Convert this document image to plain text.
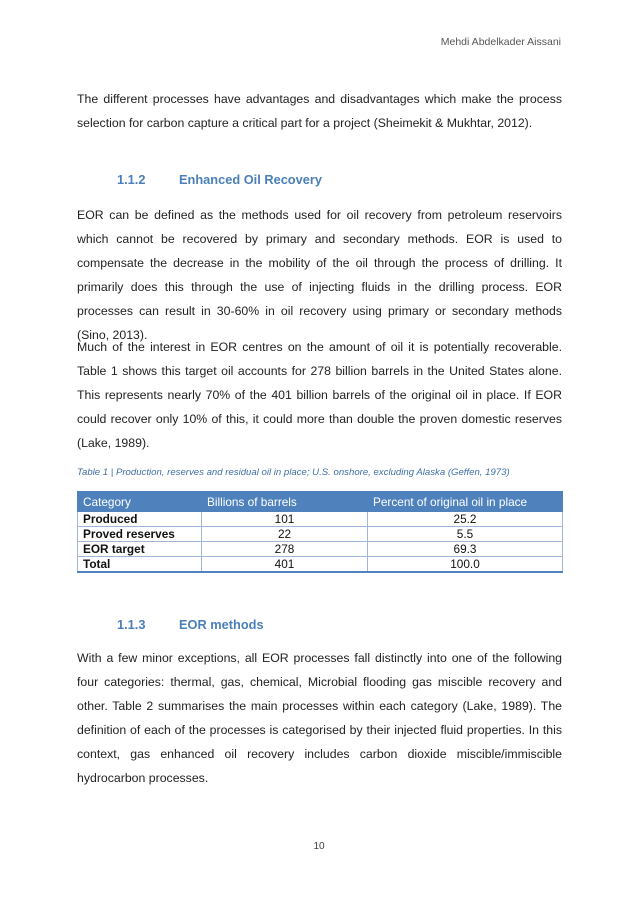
Mehdi Abdelkader Aissani

The different processes have advantages and disadvantages which make the process selection for carbon capture a critical part for a project (Sheimekit & Mukhtar, 2012).

1.1.2	Enhanced Oil Recovery

EOR can be defined as the methods used for oil recovery from petroleum reservoirs which cannot be recovered by primary and secondary methods. EOR is used to compensate the decrease in the mobility of the oil through the process of drilling. It primarily does this through the use of injecting fluids in the drilling process. EOR processes can result in 30-60% in oil recovery using primary or secondary methods (Sino, 2013).

Much of the interest in EOR centres on the amount of oil it is potentially recoverable. Table 1 shows this target oil accounts for 278 billion barrels in the United States alone. This represents nearly 70% of the 401 billion barrels of the original oil in place. If EOR could recover only 10% of this, it could more than double the proven domestic reserves (Lake, 1989).

Table 1 | Production, reserves and residual oil in place; U.S. onshore, excluding Alaska (Geffen, 1973)
Category	Billions of barrels	Percent of original oil in place
Produced	101	25.2
Proved reserves	22	5.5
EOR target	278	69.3
Total	401	100.0
1.1.3	EOR methods

With a few minor exceptions, all EOR processes fall distinctly into one of the following four categories: thermal, gas, chemical, Microbial flooding gas miscible recovery and other. Table 2 summarises the main processes within each category (Lake, 1989). The definition of each of the processes is categorised by their injected fluid properties. In this context, gas enhanced oil recovery includes carbon dioxide miscible/immiscible hydrocarbon processes.

10
